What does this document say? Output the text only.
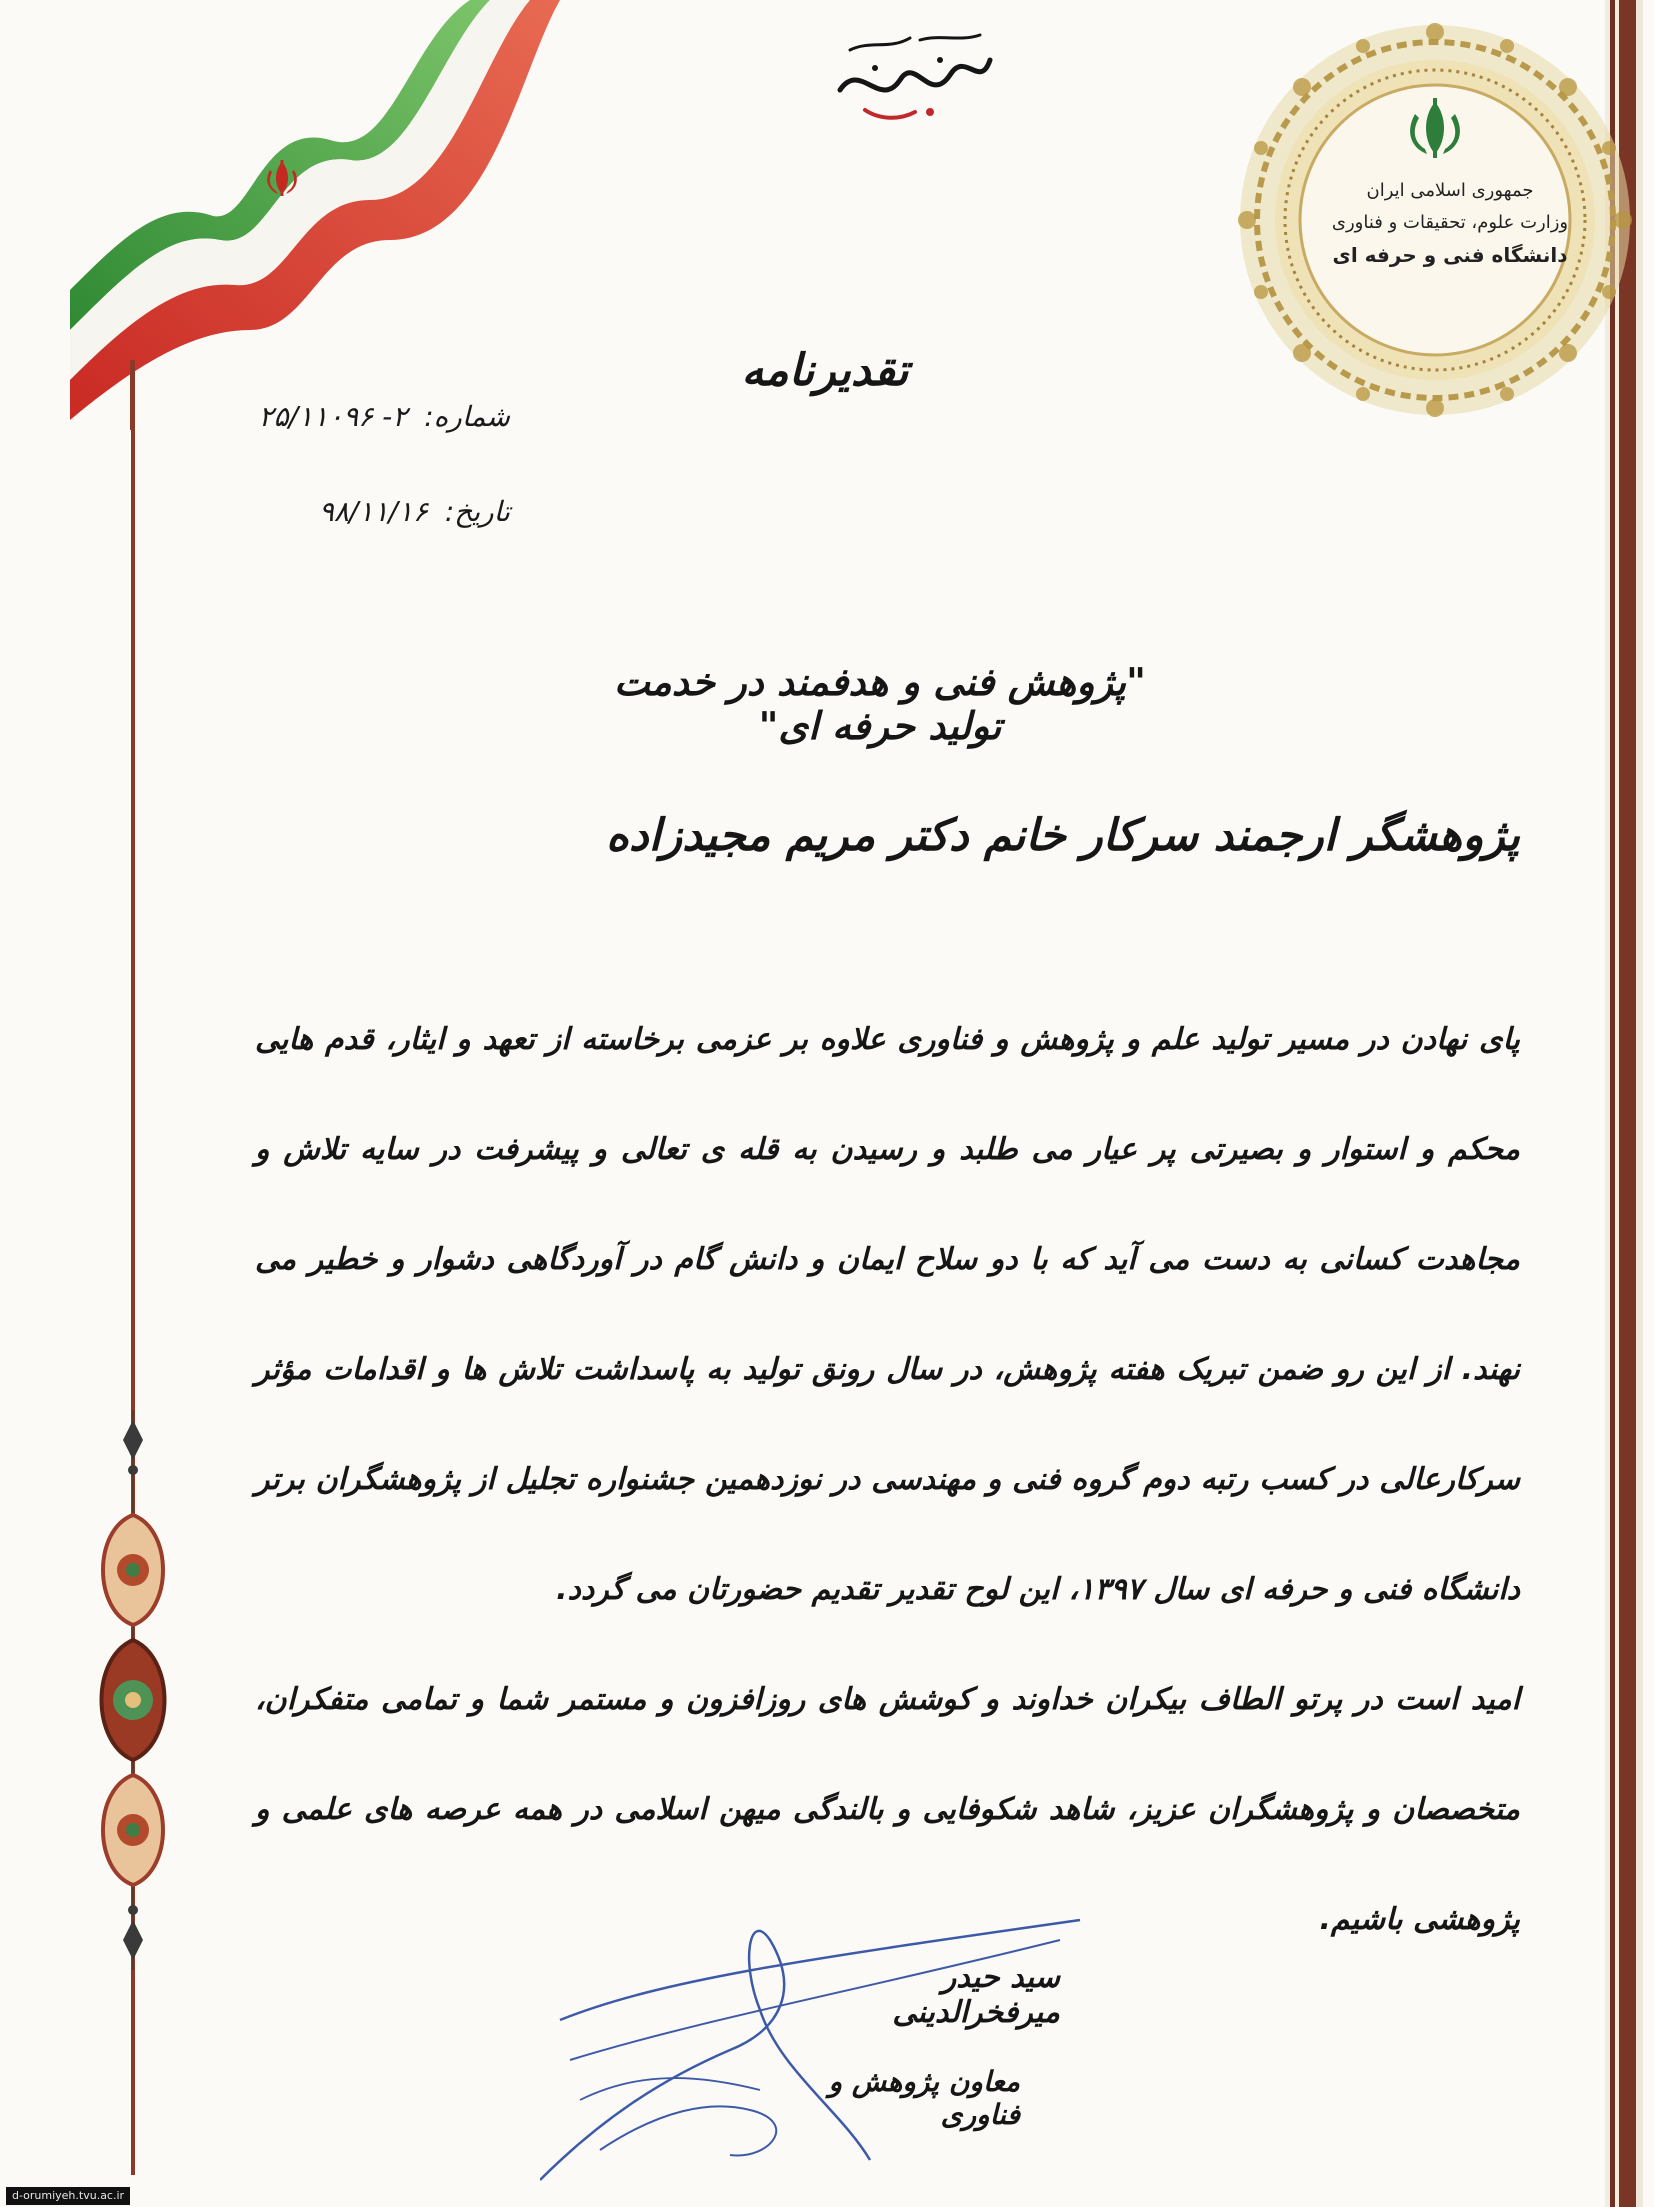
جمهوری اسلامی ایران
وزارت علوم، تحقیقات و فناوری
دانشگاه فنی و حرفه ای
تقدیرنامه
شماره: ۲- ۲۵/۱۱۰۹۶
تاریخ: ۹۸/۱۱/۱۶
"پژوهش فنی و هدفمند در خدمت تولید حرفه ای"
پژوهشگر ارجمند سرکار خانم دکتر مریم مجیدزاده

پای نهادن در مسیر تولید علم و پژوهش و فناوری علاوه بر عزمی برخاسته از تعهد و ایثار، قدم هایی محکم و استوار و بصیرتی پر عیار می طلبد و رسیدن به قله ی تعالی و پیشرفت در سایه تلاش و مجاهدت کسانی به دست می آید که با دو سلاح ایمان و دانش گام در آوردگاهی دشوار و خطیر می نهند. از این رو ضمن تبریک هفته پژوهش، در سال رونق تولید به پاسداشت تلاش ها و اقدامات مؤثر سرکارعالی در کسب رتبه دوم گروه فنی و مهندسی در نوزدهمین جشنواره تجلیل از پژوهشگران برتر دانشگاه فنی و حرفه ای سال ۱۳۹۷، این لوح تقدیر تقدیم حضورتان می گردد.

امید است در پرتو الطاف بیکران خداوند و کوشش های روزافزون و مستمر شما و تمامی متفکران، متخصصان و پژوهشگران عزیز، شاهد شکوفایی و بالندگی میهن اسلامی در همه عرصه های علمی و پژوهشی باشیم.

سید حیدر میرفخرالدینی
معاون پژوهش و فناوری
d-orumiyeh.tvu.ac.ir
